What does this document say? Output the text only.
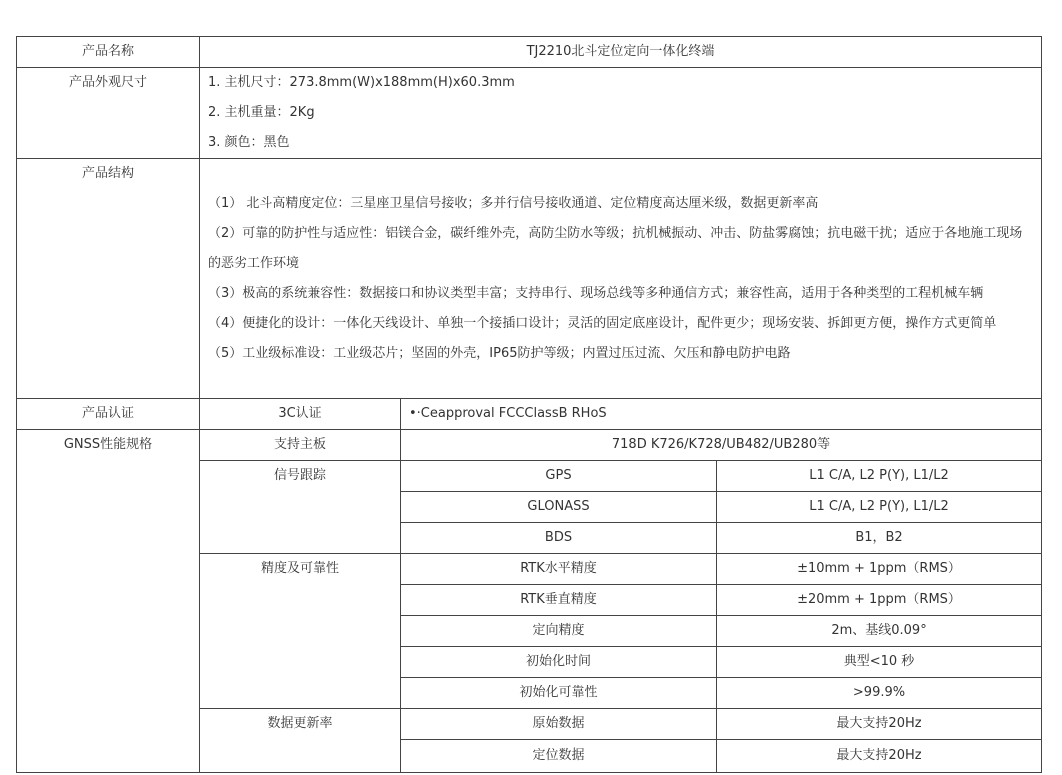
产品名称	TJ2210北斗定位定向一体化终端		
产品外观尺寸	1. 主机尺寸：273.8mm(W)x188mm(H)x60.3mm
2. 主机重量：2Kg
3. 颜色：黑色		

产品结构	（1） 北斗高精度定位：三星座卫星信号接收；多并行信号接收通道、定位精度高达厘米级，数据更新率高
（2）可靠的防护性与适应性：铝镁合金，碳纤维外壳，高防尘防水等级；抗机械振动、冲击、防盐雾腐蚀；抗电磁干扰；适应于各地施工现场的恶劣工作环境
（3）极高的系统兼容性：数据接口和协议类型丰富；支持串行、现场总线等多种通信方式；兼容性高，适用于各种类型的工程机械车辆
（4）便捷化的设计：一体化天线设计、单独一个接插口设计；灵活的固定底座设计，配件更少；现场安装、拆卸更方便，操作方式更简单
（5）工业级标准设：工业级芯片；坚固的外壳，IP65防护等级；内置过压过流、欠压和静电防护电路		

产品认证	3C认证	•·Ceapproval FCCClassB RHoS	
GNSS性能规格	支持主板	718D K726/K728/UB482/UB280等	
	信号跟踪	GPS	L1 C/A, L2 P(Y), L1/L2
		GLONASS	L1 C/A, L2 P(Y), L1/L2
		BDS	B1，B2
	精度及可靠性	RTK水平精度	±10mm + 1ppm（RMS）
		RTK垂直精度	±20mm + 1ppm（RMS）
		定向精度	2m、基线0.09°
		初始化时间	典型<10 秒
		初始化可靠性	>99.9%
	数据更新率	原始数据	最大支持20Hz
		定位数据	最大支持20Hz
